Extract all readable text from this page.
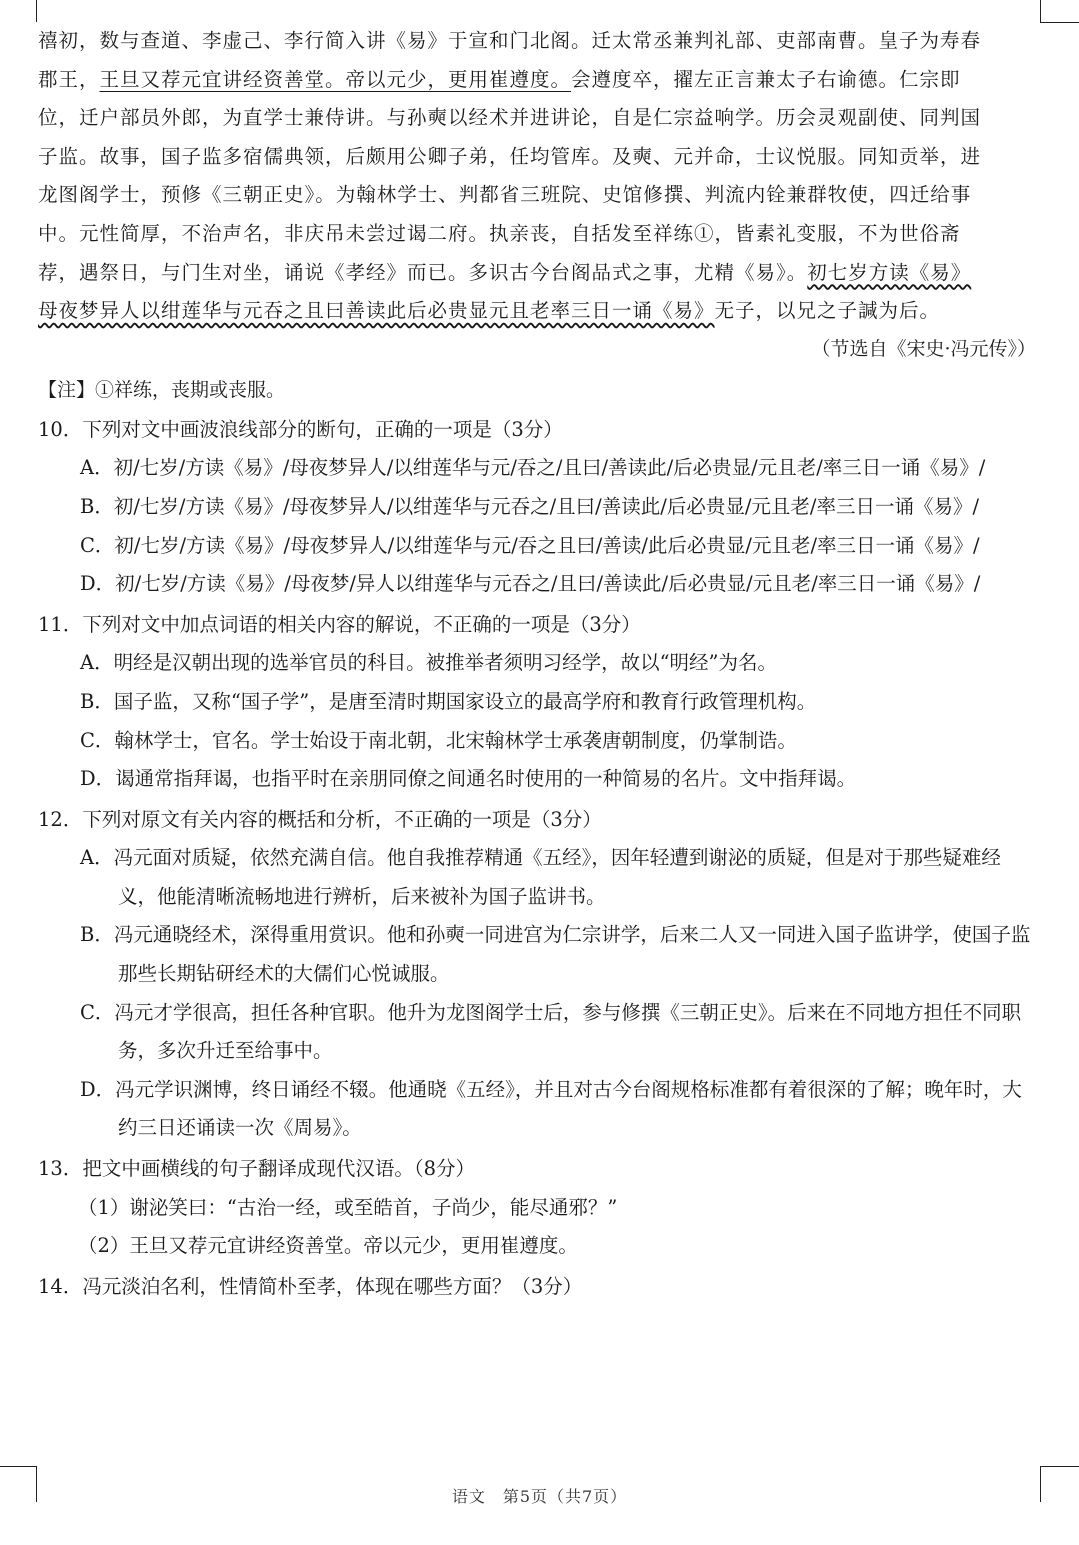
禧初，数与查道、李虚己、李行简入讲《易》于宣和门北阁。迁太常丞兼判礼部、吏部南曹。皇子为寿春

郡王，王旦又荐元宜讲经资善堂。帝以元少，更用崔遵度。会遵度卒，擢左正言兼太子右谕德。仁宗即

位，迁户部员外郎，为直学士兼侍讲。与孙奭以经术并进讲论，自是仁宗益响学。历会灵观副使、同判国

子监。故事，国子监多宿儒典领，后颇用公卿子弟，任均管库。及奭、元并命，士议悦服。同知贡举，进

龙图阁学士，预修《三朝正史》。为翰林学士、判都省三班院、史馆修撰、判流内铨兼群牧使，四迁给事

中。元性简厚，不治声名，非庆吊未尝过谒二府。执亲丧，自括发至祥练①，皆素礼变服，不为世俗斋

荐，遇祭日，与门生对坐，诵说《孝经》而已。多识古今台阁品式之事，尤精《易》。初七岁方读《易》

母夜梦异人以绀莲华与元吞之且曰善读此后必贵显元且老率三日一诵《易》无子，以兄之子諴为后。

（节选自《宋史·冯元传》）
【注】①祥练，丧期或丧服。
10．下列对文中画波浪线部分的断句，正确的一项是（3分）
A．初/七岁/方读《易》/母夜梦异人/以绀莲华与元/吞之/且曰/善读此/后必贵显/元且老/率三日一诵《易》/
B．初/七岁/方读《易》/母夜梦异人/以绀莲华与元吞之/且曰/善读此/后必贵显/元且老/率三日一诵《易》/
C．初/七岁/方读《易》/母夜梦异人/以绀莲华与元/吞之且曰/善读/此后必贵显/元且老/率三日一诵《易》/
D．初/七岁/方读《易》/母夜梦/异人以绀莲华与元吞之/且曰/善读此/后必贵显/元且老/率三日一诵《易》/
11．下列对文中加点词语的相关内容的解说，不正确的一项是（3分）
A．明经是汉朝出现的选举官员的科目。被推举者须明习经学，故以“明经”为名。
B．国子监，又称“国子学”，是唐至清时期国家设立的最高学府和教育行政管理机构。
C．翰林学士，官名。学士始设于南北朝，北宋翰林学士承袭唐朝制度，仍掌制诰。
D．谒通常指拜谒，也指平时在亲朋同僚之间通名时使用的一种简易的名片。文中指拜谒。
12．下列对原文有关内容的概括和分析，不正确的一项是（3分）
A．冯元面对质疑，依然充满自信。他自我推荐精通《五经》，因年轻遭到谢泌的质疑，但是对于那些疑难经义，他能清晰流畅地进行辨析，后来被补为国子监讲书。
B．冯元通晓经术，深得重用赏识。他和孙奭一同进宫为仁宗讲学，后来二人又一同进入国子监讲学，使国子监那些长期钻研经术的大儒们心悦诚服。
C．冯元才学很高，担任各种官职。他升为龙图阁学士后，参与修撰《三朝正史》。后来在不同地方担任不同职务，多次升迁至给事中。
D．冯元学识渊博，终日诵经不辍。他通晓《五经》，并且对古今台阁规格标准都有着很深的了解；晚年时，大约三日还诵读一次《周易》。
13．把文中画横线的句子翻译成现代汉语。（8分）
（1）谢泌笑曰：“古治一经，或至皓首，子尚少，能尽通邪？”
（2）王旦又荐元宜讲经资善堂。帝以元少，更用崔遵度。
14．冯元淡泊名利，性情简朴至孝，体现在哪些方面？（3分）
语文　第5页（共7页）
